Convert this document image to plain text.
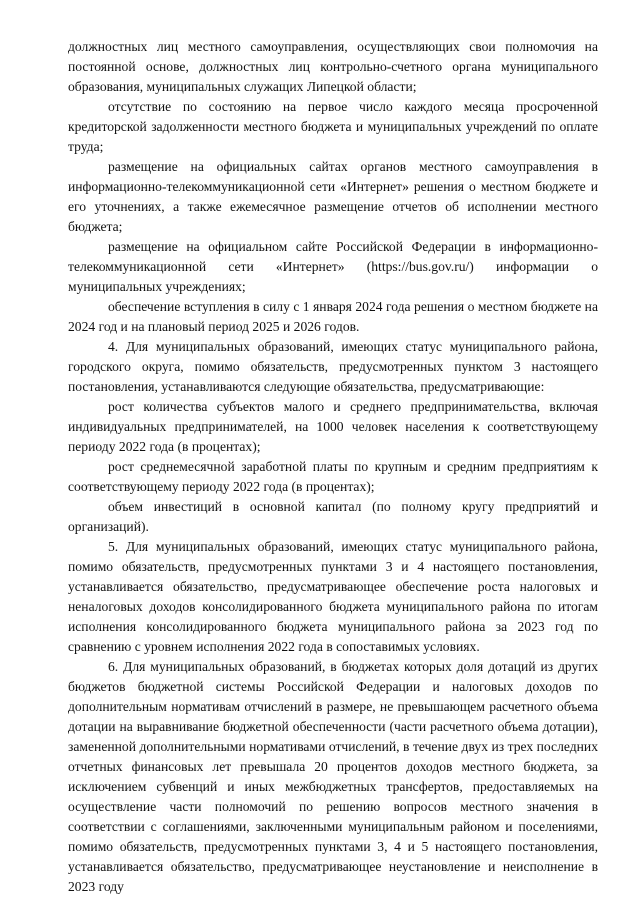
должностных лиц местного самоуправления, осуществляющих свои полномочия на постоянной основе, должностных лиц контрольно-счетного органа муниципального образования, муниципальных служащих Липецкой области;

отсутствие по состоянию на первое число каждого месяца просроченной кредиторской задолженности местного бюджета и муниципальных учреждений по оплате труда;

размещение на официальных сайтах органов местного самоуправления в информационно-телекоммуникационной сети «Интернет» решения о местном бюджете и его уточнениях, а также ежемесячное размещение отчетов об исполнении местного бюджета;

размещение на официальном сайте Российской Федерации в информационно-телекоммуникационной сети «Интернет» (https://bus.gov.ru/) информации о муниципальных учреждениях;

обеспечение вступления в силу с 1 января 2024 года решения о местном бюджете на 2024 год и на плановый период 2025 и 2026 годов.

4. Для муниципальных образований, имеющих статус муниципального района, городского округа, помимо обязательств, предусмотренных пунктом 3 настоящего постановления, устанавливаются следующие обязательства, предусматривающие:

рост количества субъектов малого и среднего предпринимательства, включая индивидуальных предпринимателей, на 1000 человек населения к соответствующему периоду 2022 года (в процентах);

рост среднемесячной заработной платы по крупным и средним предприятиям к соответствующему периоду 2022 года (в процентах);

объем инвестиций в основной капитал (по полному кругу предприятий и организаций).

5. Для муниципальных образований, имеющих статус муниципального района, помимо обязательств, предусмотренных пунктами 3 и 4 настоящего постановления, устанавливается обязательство, предусматривающее обеспечение роста налоговых и неналоговых доходов консолидированного бюджета муниципального района по итогам исполнения консолидированного бюджета муниципального района за 2023 год по сравнению с уровнем исполнения 2022 года в сопоставимых условиях.

6. Для муниципальных образований, в бюджетах которых доля дотаций из других бюджетов бюджетной системы Российской Федерации и налоговых доходов по дополнительным нормативам отчислений в размере, не превышающем расчетного объема дотации на выравнивание бюджетной обеспеченности (части расчетного объема дотации), замененной дополнительными нормативами отчислений, в течение двух из трех последних отчетных финансовых лет превышала 20 процентов доходов местного бюджета, за исключением субвенций и иных межбюджетных трансфертов, предоставляемых на осуществление части полномочий по решению вопросов местного значения в соответствии с соглашениями, заключенными муниципальным районом и поселениями, помимо обязательств, предусмотренных пунктами 3, 4 и 5 настоящего постановления, устанавливается обязательство, предусматривающее неустановление и неисполнение в 2023 году
